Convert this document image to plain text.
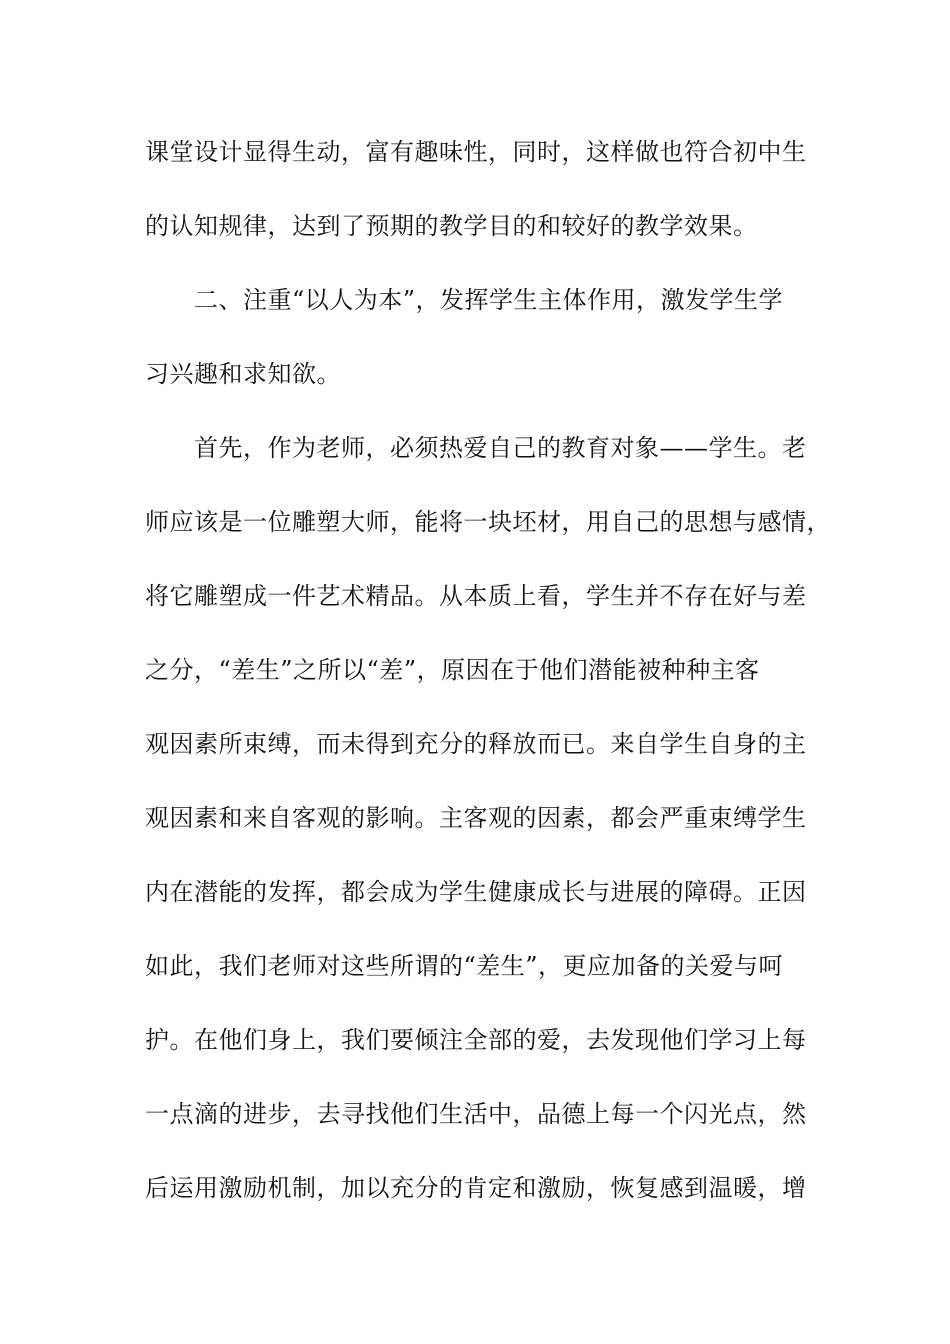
课堂设计显得生动，富有趣味性，同时，这样做也符合初中生
的认知规律，达到了预期的教学目的和较好的教学效果。
二、注重“以人为本”，发挥学生主体作用，激发学生学
习兴趣和求知欲。
首先，作为老师，必须热爱自己的教育对象——学生。老
师应该是一位雕塑大师，能将一块坯材，用自己的思想与感情，
将它雕塑成一件艺术精品。从本质上看，学生并不存在好与差
之分，“差生”之所以“差”，原因在于他们潜能被种种主客
观因素所束缚，而未得到充分的释放而已。来自学生自身的主
观因素和来自客观的影响。主客观的因素，都会严重束缚学生
内在潜能的发挥，都会成为学生健康成长与进展的障碍。正因
如此，我们老师对这些所谓的“差生”，更应加备的关爱与呵
护。在他们身上，我们要倾注全部的爱，去发现他们学习上每
一点滴的进步，去寻找他们生活中，品德上每一个闪光点，然
后运用激励机制，加以充分的肯定和激励，恢复感到温暖，增
